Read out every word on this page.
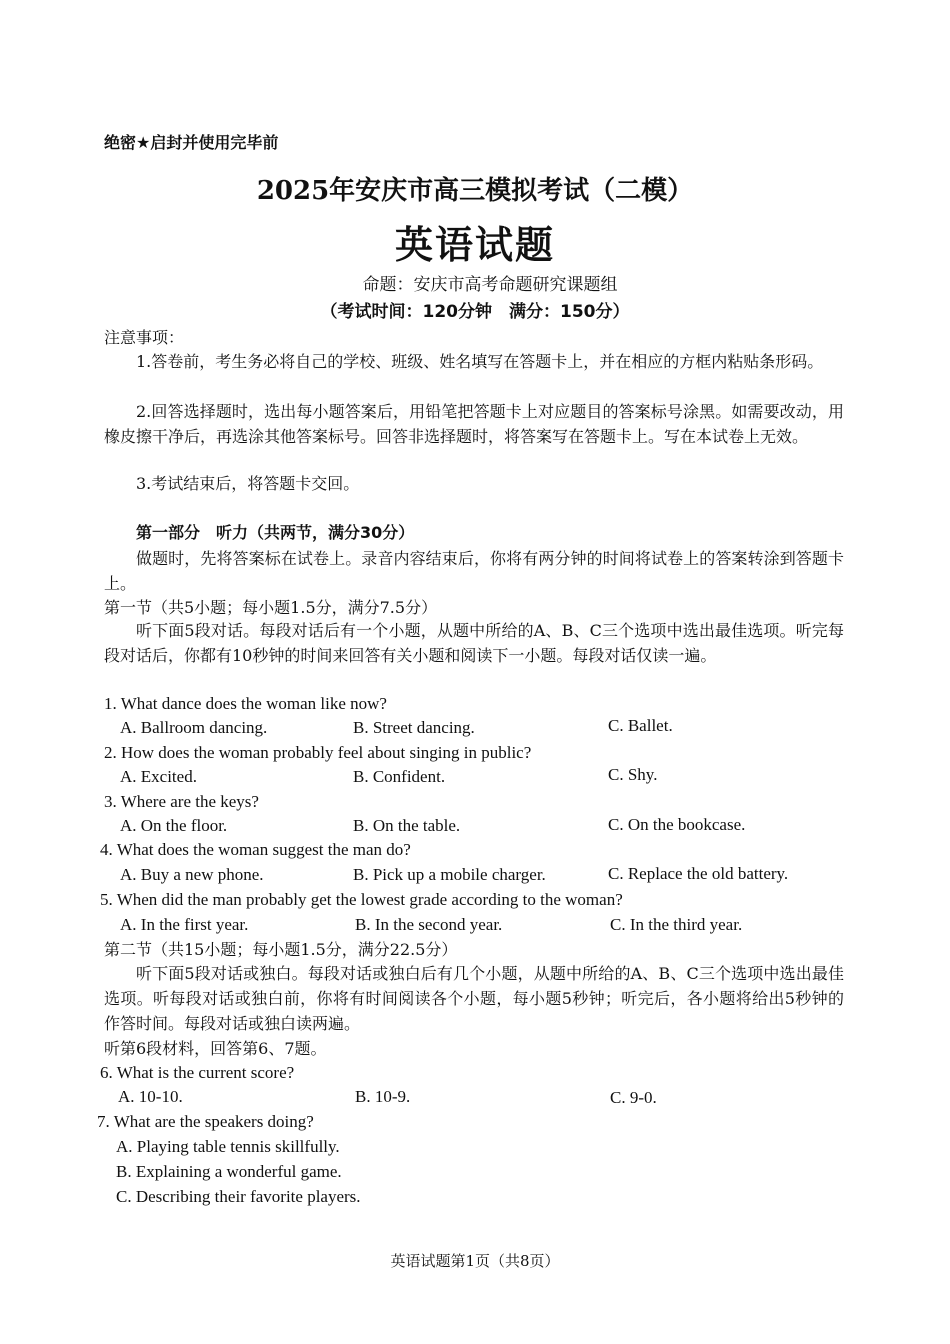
绝密★启封并使用完毕前
2025年安庆市高三模拟考试（二模）
英语试题
命题：安庆市高考命题研究课题组
（考试时间：120分钟　满分：150分）
注意事项：
1.答卷前，考生务必将自己的学校、班级、姓名填写在答题卡上，并在相应的方框内粘贴条形码。
2.回答选择题时，选出每小题答案后，用铅笔把答题卡上对应题目的答案标号涂黑。如需要改动，用橡皮擦干净后，再选涂其他答案标号。回答非选择题时，将答案写在答题卡上。写在本试卷上无效。
3.考试结束后，将答题卡交回。
第一部分　听力（共两节，满分30分）
做题时，先将答案标在试卷上。录音内容结束后，你将有两分钟的时间将试卷上的答案转涂到答题卡上。
第一节（共5小题；每小题1.5分，满分7.5分）
听下面5段对话。每段对话后有一个小题，从题中所给的A、B、C三个选项中选出最佳选项。听完每段对话后，你都有10秒钟的时间来回答有关小题和阅读下一小题。每段对话仅读一遍。
1. What dance does the woman like now?
A. Ballroom dancing.	B. Street dancing.	C. Ballet.
2. How does the woman probably feel about singing in public?
A. Excited.	B. Confident.	C. Shy.
3. Where are the keys?
A. On the floor.	B. On the table.	C. On the bookcase.
4. What does the woman suggest the man do?
A. Buy a new phone.	B. Pick up a mobile charger.	C. Replace the old battery.
5. When did the man probably get the lowest grade according to the woman?
A. In the first year.	B. In the second year.	C. In the third year.
第二节（共15小题；每小题1.5分，满分22.5分）
听下面5段对话或独白。每段对话或独白后有几个小题，从题中所给的A、B、C三个选项中选出最佳选项。听每段对话或独白前，你将有时间阅读各个小题，每小题5秒钟；听完后，各小题将给出5秒钟的作答时间。每段对话或独白读两遍。
听第6段材料，回答第6、7题。
6. What is the current score?
A. 10-10.	B. 10-9.	C. 9-0.
7. What are the speakers doing?
A. Playing table tennis skillfully.
B. Explaining a wonderful game.
C. Describing their favorite players.
英语试题第1页（共8页）
